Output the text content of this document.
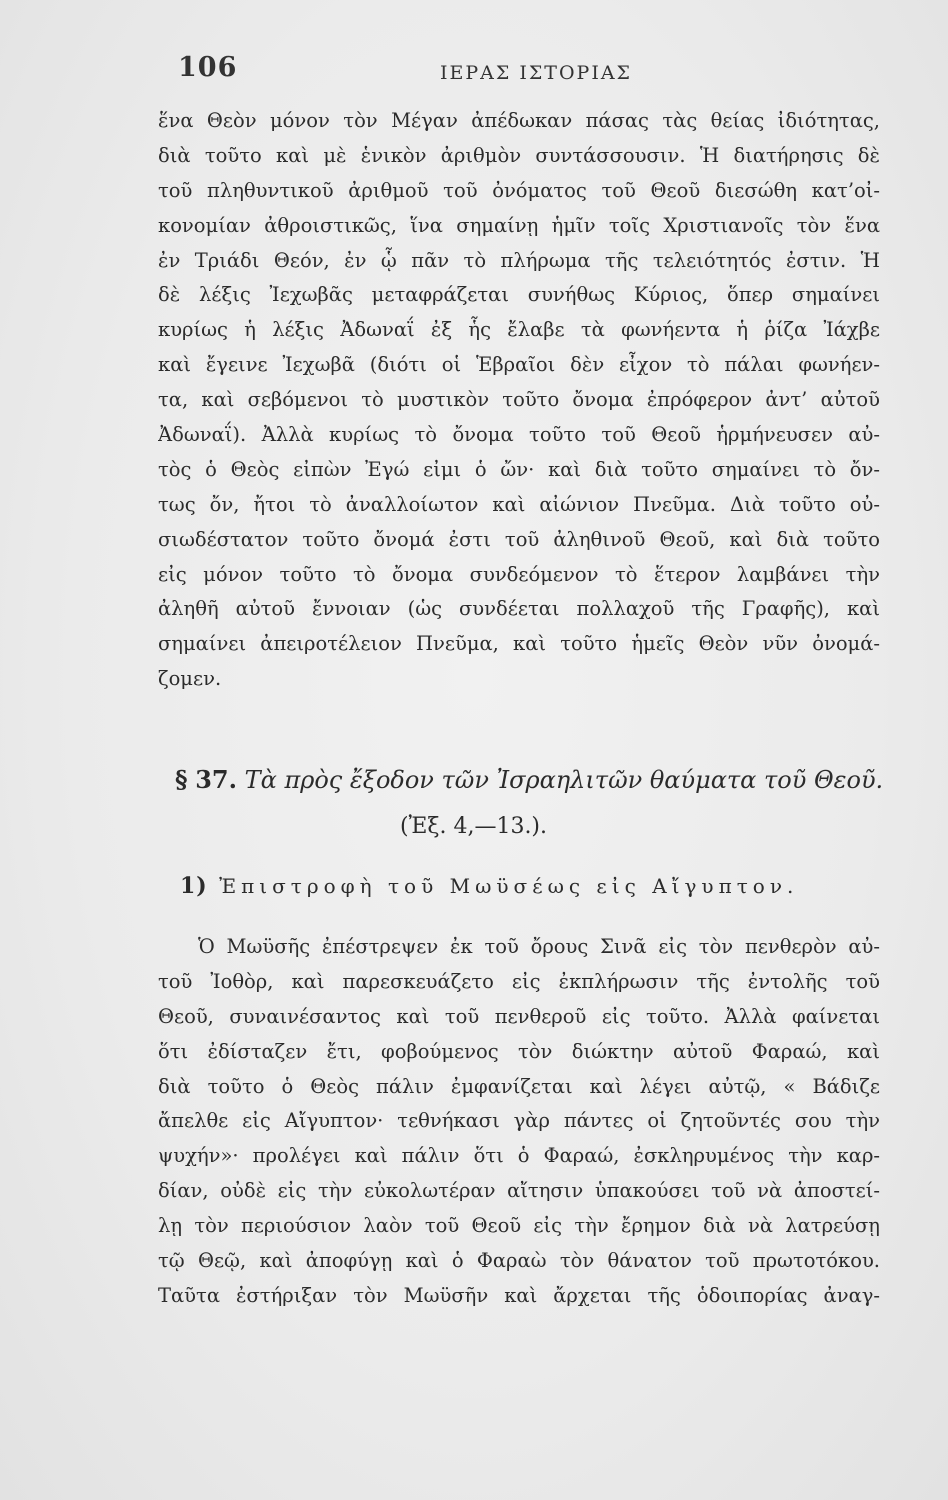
106	ΙΕΡΑΣ ΙΣΤΟΡΙΑΣ
ἕνα Θεὸν μόνον τὸν Μέγαν ἀπέδωκαν πάσας τὰς θείας ἰδιότητας,
διὰ τοῦτο καὶ μὲ ἑνικὸν ἀριθμὸν συντάσσουσιν. Ἡ διατήρησις δὲ
τοῦ πληθυντικοῦ ἀριθμοῦ τοῦ ὀνόματος τοῦ Θεοῦ διεσώθη κατ’οἰ-
κονομίαν ἀθροιστικῶς, ἵνα σημαίνῃ ἡμῖν τοῖς Χριστιανοῖς τὸν ἕνα
ἐν Τριάδι Θεόν, ἐν ᾧ πᾶν τὸ πλήρωμα τῆς τελειότητός ἐστιν. Ἡ
δὲ λέξις Ἰεχωβᾶς μεταφράζεται συνήθως Κύριος, ὅπερ σημαίνει
κυρίως ἡ λέξις Ἀδωναΐ ἐξ ἧς ἔλαβε τὰ φωνήεντα ἡ ῥίζα Ἰάχβε
καὶ ἔγεινε Ἰεχωβᾶ (διότι οἱ Ἑβραῖοι δὲν εἶχον τὸ πάλαι φωνήεν-
τα, καὶ σεβόμενοι τὸ μυστικὸν τοῦτο ὄνομα ἐπρόφερον ἀντ’ αὐτοῦ
Ἀδωναΐ). Ἀλλὰ κυρίως τὸ ὄνομα τοῦτο τοῦ Θεοῦ ἡρμήνευσεν αὐ-
τὸς ὁ Θεὸς εἰπὼν Ἐγώ εἰμι ὁ ὤν· καὶ διὰ τοῦτο σημαίνει τὸ ὄν-
τως ὄν, ἤτοι τὸ ἀναλλοίωτον καὶ αἰώνιον Πνεῦμα. Διὰ τοῦτο οὐ-
σιωδέστατον τοῦτο ὄνομά ἐστι τοῦ ἀληθινοῦ Θεοῦ, καὶ διὰ τοῦτο
εἰς μόνον τοῦτο τὸ ὄνομα συνδεόμενον τὸ ἕτερον λαμβάνει τὴν
ἀληθῆ αὐτοῦ ἔννοιαν (ὡς συνδέεται πολλαχοῦ τῆς Γραφῆς), καὶ
σημαίνει ἀπειροτέλειον Πνεῦμα, καὶ τοῦτο ἡμεῖς Θεὸν νῦν ὀνομά-
ζομεν.
§ 37. Τὰ πρὸς ἔξοδον τῶν Ἰσραηλιτῶν θαύματα τοῦ Θεοῦ.
(Ἐξ. 4,—13.).
1) Ἐπιστροφὴ τοῦ Μωϋσέως εἰς Αἴγυπτον.
Ὁ Μωϋσῆς ἐπέστρεψεν ἐκ τοῦ ὄρους Σινᾶ εἰς τὸν πενθερὸν αὐ-
τοῦ Ἰοθὸρ, καὶ παρεσκευάζετο εἰς ἐκπλήρωσιν τῆς ἐντολῆς τοῦ
Θεοῦ, συναινέσαντος καὶ τοῦ πενθεροῦ εἰς τοῦτο. Ἀλλὰ φαίνεται
ὅτι ἐδίσταζεν ἔτι, φοβούμενος τὸν διώκτην αὐτοῦ Φαραώ, καὶ
διὰ τοῦτο ὁ Θεὸς πάλιν ἐμφανίζεται καὶ λέγει αὐτῷ, « Βάδιζε
ἄπελθε εἰς Αἴγυπτον· τεθνήκασι γὰρ πάντες οἱ ζητοῦντές σου τὴν
ψυχήν»· προλέγει καὶ πάλιν ὅτι ὁ Φαραώ, ἐσκληρυμένος τὴν καρ-
δίαν, οὐδὲ εἰς τὴν εὐκολωτέραν αἴτησιν ὑπακούσει τοῦ νὰ ἀποστεί-
λῃ τὸν περιούσιον λαὸν τοῦ Θεοῦ εἰς τὴν ἔρημον διὰ νὰ λατρεύσῃ
τῷ Θεῷ, καὶ ἀποφύγῃ καὶ ὁ Φαραὼ τὸν θάνατον τοῦ πρωτοτόκου.
Ταῦτα ἐστήριξαν τὸν Μωϋσῆν καὶ ἄρχεται τῆς ὁδοιπορίας ἀναγ-
